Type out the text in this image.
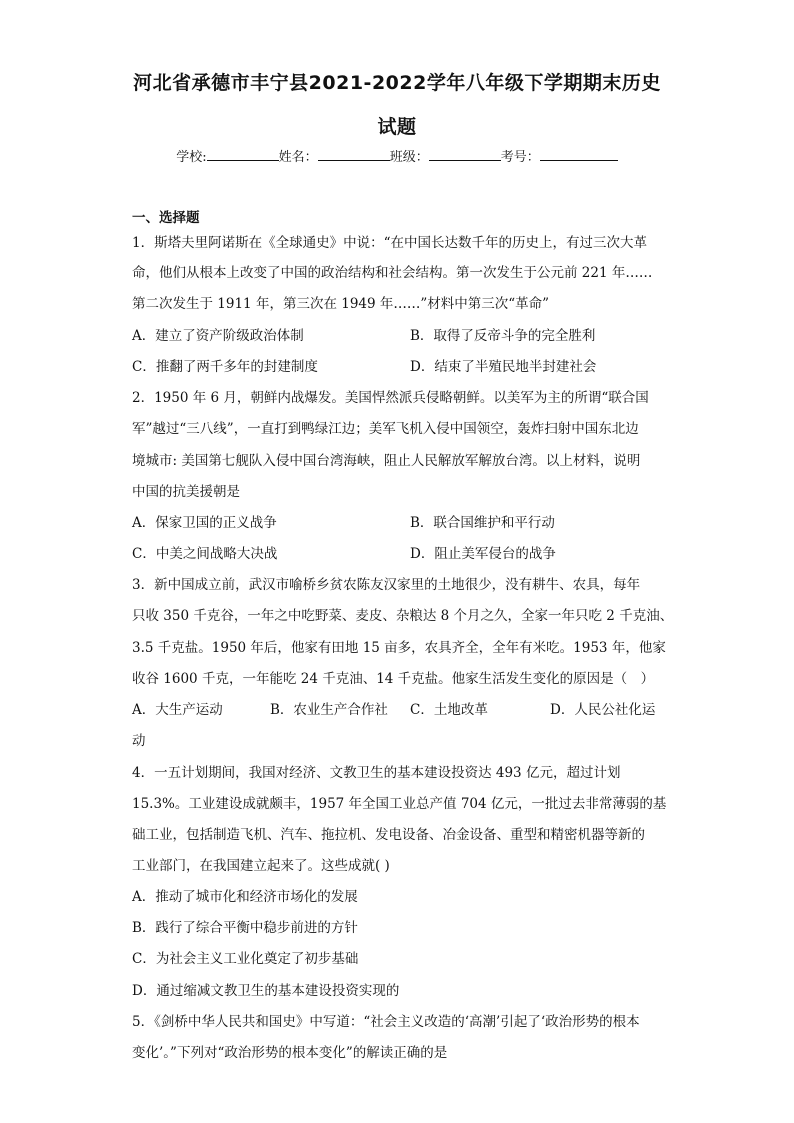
河北省承德市丰宁县2021-2022学年八年级下学期期末历史
试题
学校:	姓名：	班级：	考号：
一、选择题
1．斯塔夫里阿诺斯在《全球通史》中说：“在中国长达数千年的历史上，有过三次大革
命，他们从根本上改变了中国的政治结构和社会结构。第一次发生于公元前 221 年……
第二次发生于 1911 年，第三次在 1949 年……”材料中第三次“革命”
A．建立了资产阶级政治体制	B．取得了反帝斗争的完全胜利
C．推翻了两千多年的封建制度	D．结束了半殖民地半封建社会
2．1950 年 6 月，朝鲜内战爆发。美国悍然派兵侵略朝鲜。以美军为主的所谓“联合国
军”越过“三八线”，一直打到鸭绿江边；美军飞机入侵中国领空，轰炸扫射中国东北边
境城市: 美国第七舰队入侵中国台湾海峡，阻止人民解放军解放台湾。以上材料，说明
中国的抗美援朝是
A．保家卫国的正义战争	B．联合国维护和平行动
C．中美之间战略大决战	D．阻止美军侵台的战争
3．新中国成立前，武汉市喻桥乡贫农陈友汉家里的土地很少，没有耕牛、农具，每年
只收 350 千克谷，一年之中吃野菜、麦皮、杂粮达 8 个月之久，全家一年只吃 2 千克油、
3.5 千克盐。1950 年后，他家有田地 15 亩多，农具齐全，全年有米吃。1953 年，他家
收谷 1600 千克，一年能吃 24 千克油、14 千克盐。他家生活发生变化的原因是（　）
A．大生产运动	B．农业生产合作社 C．土地改革	D．人民公社化运
动
4．一五计划期间，我国对经济、文教卫生的基本建设投资达 493 亿元，超过计划
15.3%。工业建设成就颇丰，1957 年全国工业总产值 704 亿元，一批过去非常薄弱的基
础工业，包括制造飞机、汽车、拖拉机、发电设备、冶金设备、重型和精密机器等新的
工业部门，在我国建立起来了。这些成就( )
A．推动了城市化和经济市场化的发展
B．践行了综合平衡中稳步前进的方针
C．为社会主义工业化奠定了初步基础
D．通过缩减文教卫生的基本建设投资实现的
5．《剑桥中华人民共和国史》中写道：“社会主义改造的‘高潮’引起了‘政治形势的根本
变化’。”下列对“政治形势的根本变化”的解读正确的是
